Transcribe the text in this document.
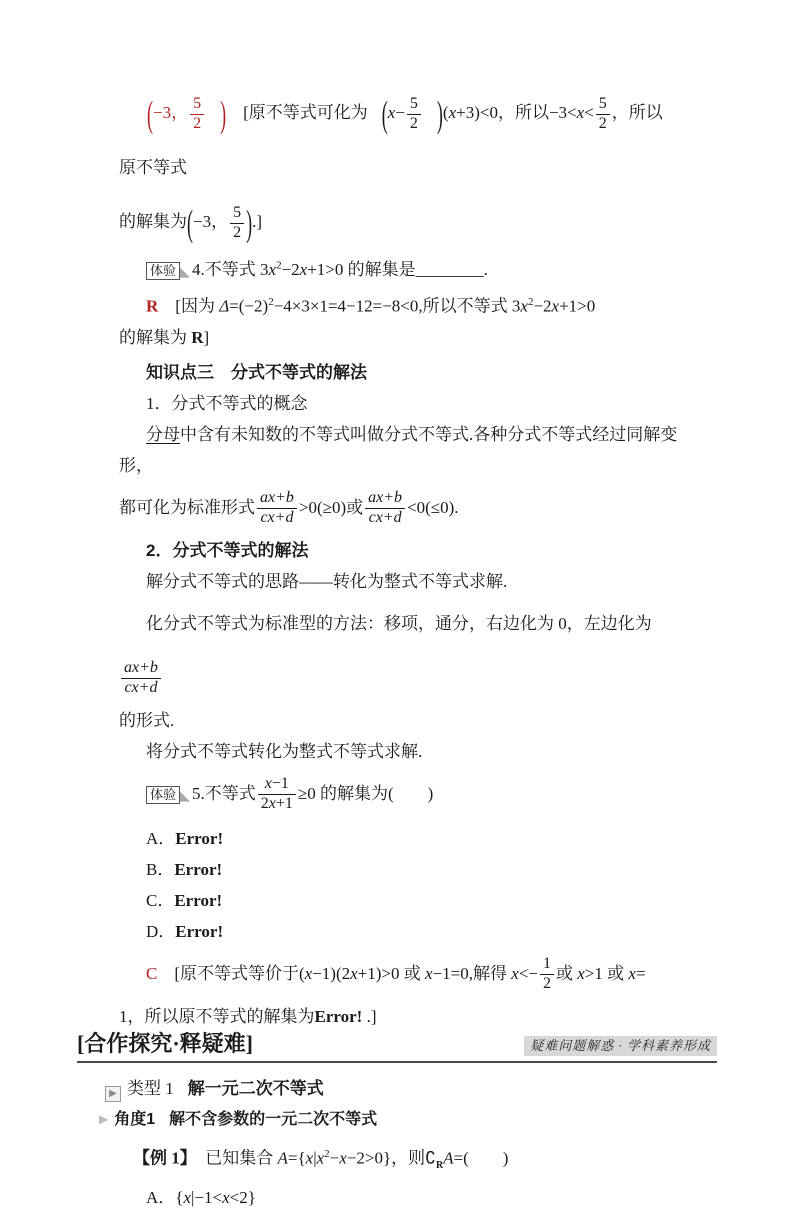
(−3， $\frac{5}{2}$ )　[原不等式可化为 $(x- \frac{5}{2} )(x+3)<0$，所以$-3<x< \frac{5}{2}$ ，所以原不等式

的解集为(−3， $\frac{5}{2}$ ).]

体验 ◣ 4.不等式 $3x^2-2x+1>0$ 的解集是________.

R　[因为 $\Delta=(-2)^2-4\times 3\times 1=4-12=-8<0$,所以不等式 $3x^2-2x+1>0$

的解集为 R]

知识点三　分式不等式的解法

1．分式不等式的概念

分母中含有未知数的不等式叫做分式不等式.各种分式不等式经过同解变形，

都可化为标准形式 $\frac{ax+b}{cx+d} >0(\ge 0)$或 $\frac{ax+b}{cx+d} <0(\le 0)$.

2．分式不等式的解法

解分式不等式的思路——转化为整式不等式求解.

化分式不等式为标准型的方法：移项，通分，右边化为 0，左边化为
$\frac{ax+b}{cx+d}$

的形式.

将分式不等式转化为整式不等式求解.

体验 ◣ 5.不等式 $\frac{x-1}{2x+1} \ge 0$ 的解集为(　　)

A．Error!

B．Error!

C．Error!

D．Error!

C　[原不等式等价于(x−1)(2x+1)>0 或 x−1=0,解得 $x<- \frac{1}{2}$ 或 x>1 或 x=

1，所以原不等式的解集为Error! .]

[合作探究·释疑难]	疑难问题解惑 · 学科素养形成

▶ 类型 1 解一元二次不等式

▶ 角度1 解不含参数的一元二次不等式

【例 1】　已知集合 $A=\{x|x^2-x-2>0\}$，则$∁_RA=$(　　)

A．{x|−1<x<2}
